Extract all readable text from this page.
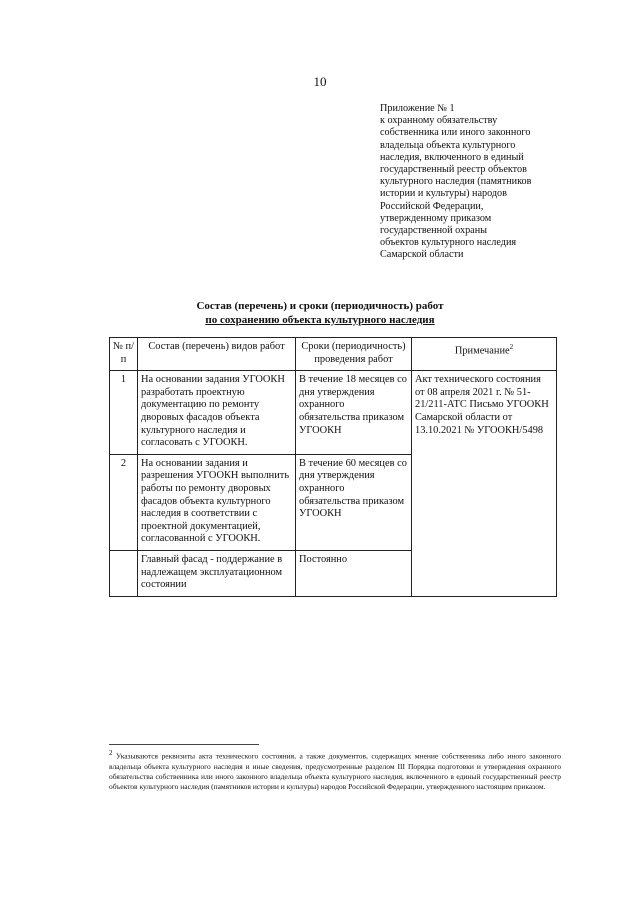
10
Приложение № 1
к охранному обязательству
собственника или иного законного
владельца объекта культурного
наследия, включенного в единый
государственный реестр объектов
культурного наследия (памятников
истории и культуры) народов
Российской Федерации,
утвержденному приказом
государственной охраны
объектов культурного наследия
Самарской области
Состав (перечень) и сроки (периодичность) работ
по сохранению объекта культурного наследия
№ п/п	Состав (перечень) видов работ	Сроки (периодичность) проведения работ	Примечание$^2$
1	На основании задания УГООКН разработать проектную документацию по ремонту дворовых фасадов объекта культурного наследия и согласовать с УГООКН.	В течение 18 месяцев со дня утверждения охранного обязательства приказом УГООКН	Акт технического состояния от 08 апреля 2021 г. № 51-21/211-АТС Письмо УГООКН Самарской области от 13.10.2021 № УГООКН/5498
2	На основании задания и разрешения УГООКН выполнить работы по ремонту дворовых фасадов объекта культурного наследия в соответствии с проектной документацией, согласованной с УГООКН.	В течение 60 месяцев со дня утверждения охранного обязательства приказом УГООКН	
	Главный фасад - поддержание в надлежащем эксплуатационном состоянии	Постоянно	
$^2$ Указываются реквизиты акта технического состояния, а также документов, содержащих мнение собственника либо иного законного владельца объекта культурного наследия и иные сведения, предусмотренные разделом III Порядка подготовки и утверждения охранного обязательства собственника или иного законного владельца объекта культурного наследия, включенного в единый государственный реестр объектов культурного наследия (памятников истории и культуры) народов Российской Федерации, утвержденного настоящим приказом.
